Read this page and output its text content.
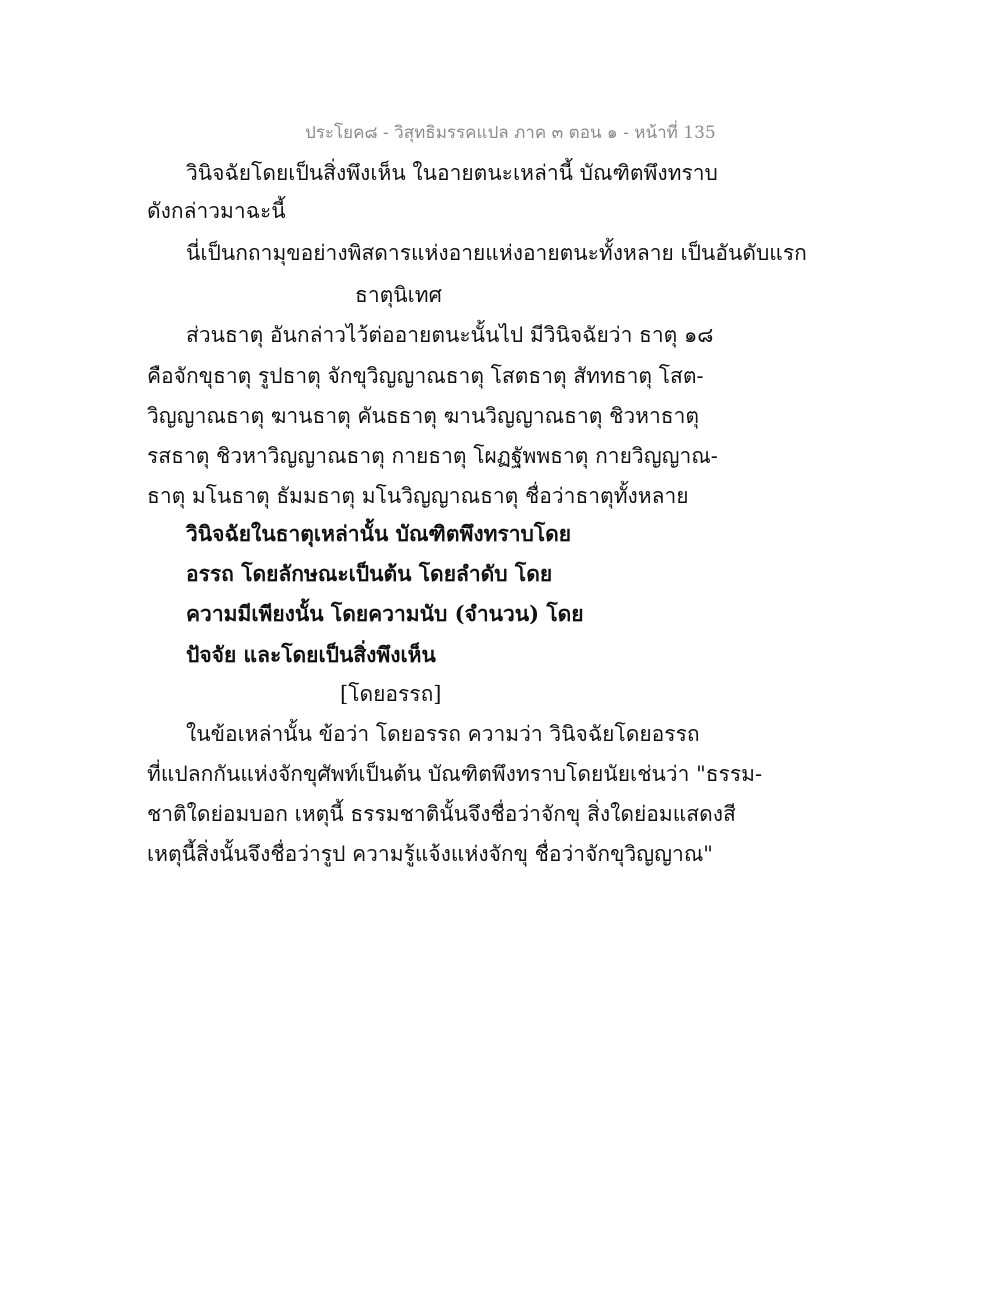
ประโยค๘ - วิสุทธิมรรคแปล ภาค ๓ ตอน ๑ - หน้าที่ 135
วินิจฉัยโดยเป็นสิ่งพึงเห็น ในอายตนะเหล่านี้ บัณฑิตพึงทราบ
ดังกล่าวมาฉะนี้
นี่เป็นกถามุขอย่างพิสดารแห่งอายแห่งอายตนะทั้งหลาย เป็นอันดับแรก
ธาตุนิเทศ
ส่วนธาตุ อันกล่าวไว้ต่ออายตนะนั้นไป มีวินิจฉัยว่า ธาตุ ๑๘
คือจักขุธาตุ รูปธาตุ จักขุวิญญาณธาตุ โสตธาตุ สัททธาตุ โสต-
วิญญาณธาตุ ฆานธาตุ คันธธาตุ ฆานวิญญาณธาตุ ชิวหาธาตุ
รสธาตุ ชิวหาวิญญาณธาตุ กายธาตุ โผฏฐัพพธาตุ กายวิญญาณ-
ธาตุ มโนธาตุ ธัมมธาตุ มโนวิญญาณธาตุ ชื่อว่าธาตุทั้งหลาย
วินิจฉัยในธาตุเหล่านั้น บัณฑิตพึงทราบโดย
อรรถ โดยลักษณะเป็นต้น โดยลำดับ โดย
ความมีเพียงนั้น โดยความนับ (จำนวน) โดย
ปัจจัย และโดยเป็นสิ่งพึงเห็น
[โดยอรรถ]
ในข้อเหล่านั้น ข้อว่า โดยอรรถ ความว่า วินิจฉัยโดยอรรถ
ที่แปลกกันแห่งจักขุศัพท์เป็นต้น บัณฑิตพึงทราบโดยนัยเช่นว่า "ธรรม-
ชาติใดย่อมบอก เหตุนี้ ธรรมชาตินั้นจึงชื่อว่าจักขุ สิ่งใดย่อมแสดงสี
เหตุนี้สิ่งนั้นจึงชื่อว่ารูป ความรู้แจ้งแห่งจักขุ ชื่อว่าจักขุวิญญาณ"
